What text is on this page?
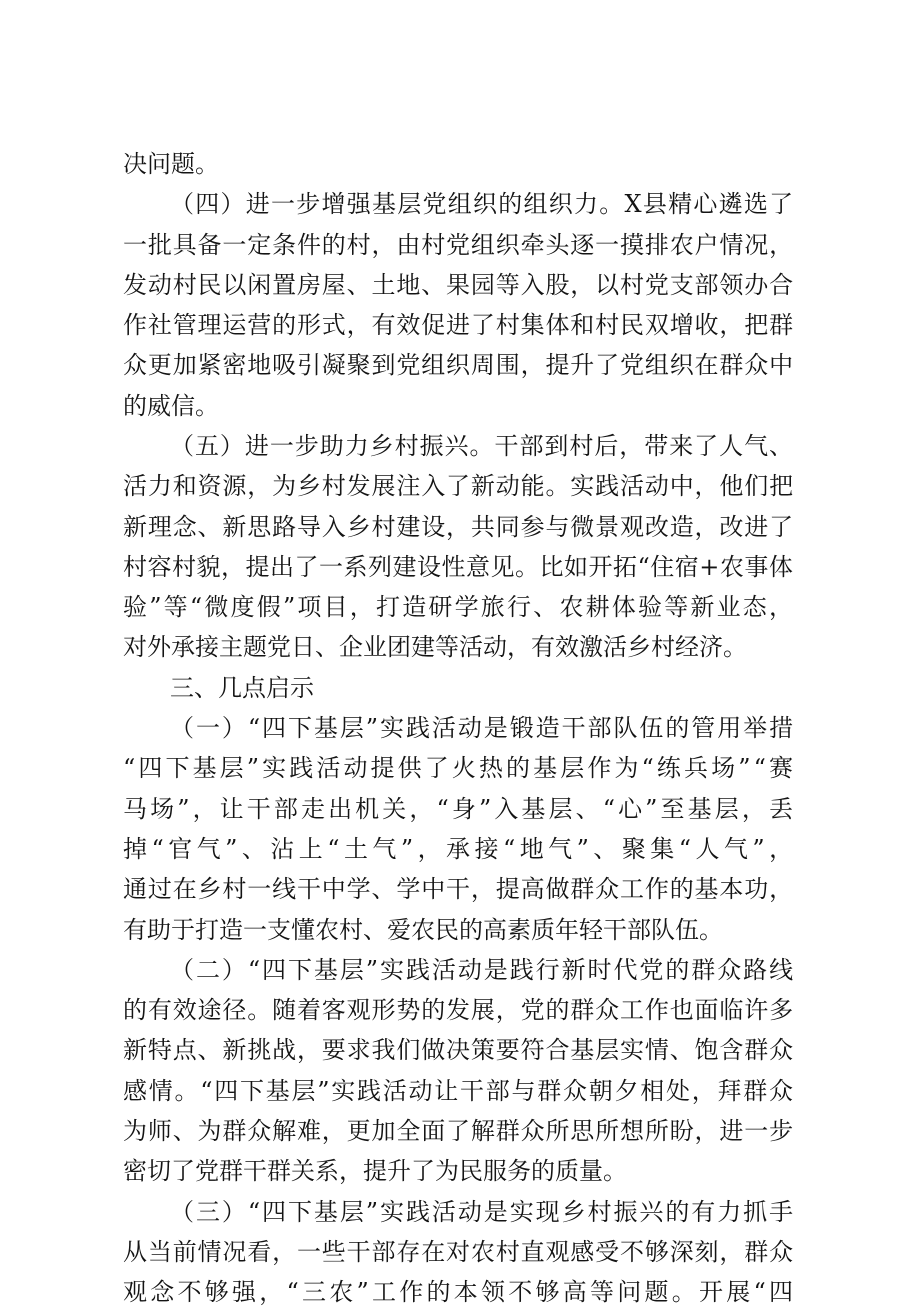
决问题。
（四）进一步增强基层党组织的组织力。X县精心遴选了
一批具备一定条件的村，由村党组织牵头逐一摸排农户情况，
发动村民以闲置房屋、土地、果园等入股，以村党支部领办合
作社管理运营的形式，有效促进了村集体和村民双增收，把群
众更加紧密地吸引凝聚到党组织周围，提升了党组织在群众中
的威信。
（五）进一步助力乡村振兴。干部到村后，带来了人气、
活力和资源，为乡村发展注入了新动能。实践活动中，他们把
新理念、新思路导入乡村建设，共同参与微景观改造，改进了
村容村貌，提出了一系列建设性意见。比如开拓“住宿+农事体
验”等“微度假”项目，打造研学旅行、农耕体验等新业态，
对外承接主题党日、企业团建等活动，有效激活乡村经济。
三、几点启示
（一）“四下基层”实践活动是锻造干部队伍的管用举措
“四下基层”实践活动提供了火热的基层作为“练兵场”“赛
马场”，让干部走出机关，“身”入基层、“心”至基层，丢
掉“官气”、沾上“土气”，承接“地气”、聚集“人气”，
通过在乡村一线干中学、学中干，提高做群众工作的基本功，
有助于打造一支懂农村、爱农民的高素质年轻干部队伍。
（二）“四下基层”实践活动是践行新时代党的群众路线
的有效途径。随着客观形势的发展，党的群众工作也面临许多
新特点、新挑战，要求我们做决策要符合基层实情、饱含群众
感情。“四下基层”实践活动让干部与群众朝夕相处，拜群众
为师、为群众解难，更加全面了解群众所思所想所盼，进一步
密切了党群干群关系，提升了为民服务的质量。
（三）“四下基层”实践活动是实现乡村振兴的有力抓手
从当前情况看，一些干部存在对农村直观感受不够深刻，群众
观念不够强，“三农”工作的本领不够高等问题。开展“四
